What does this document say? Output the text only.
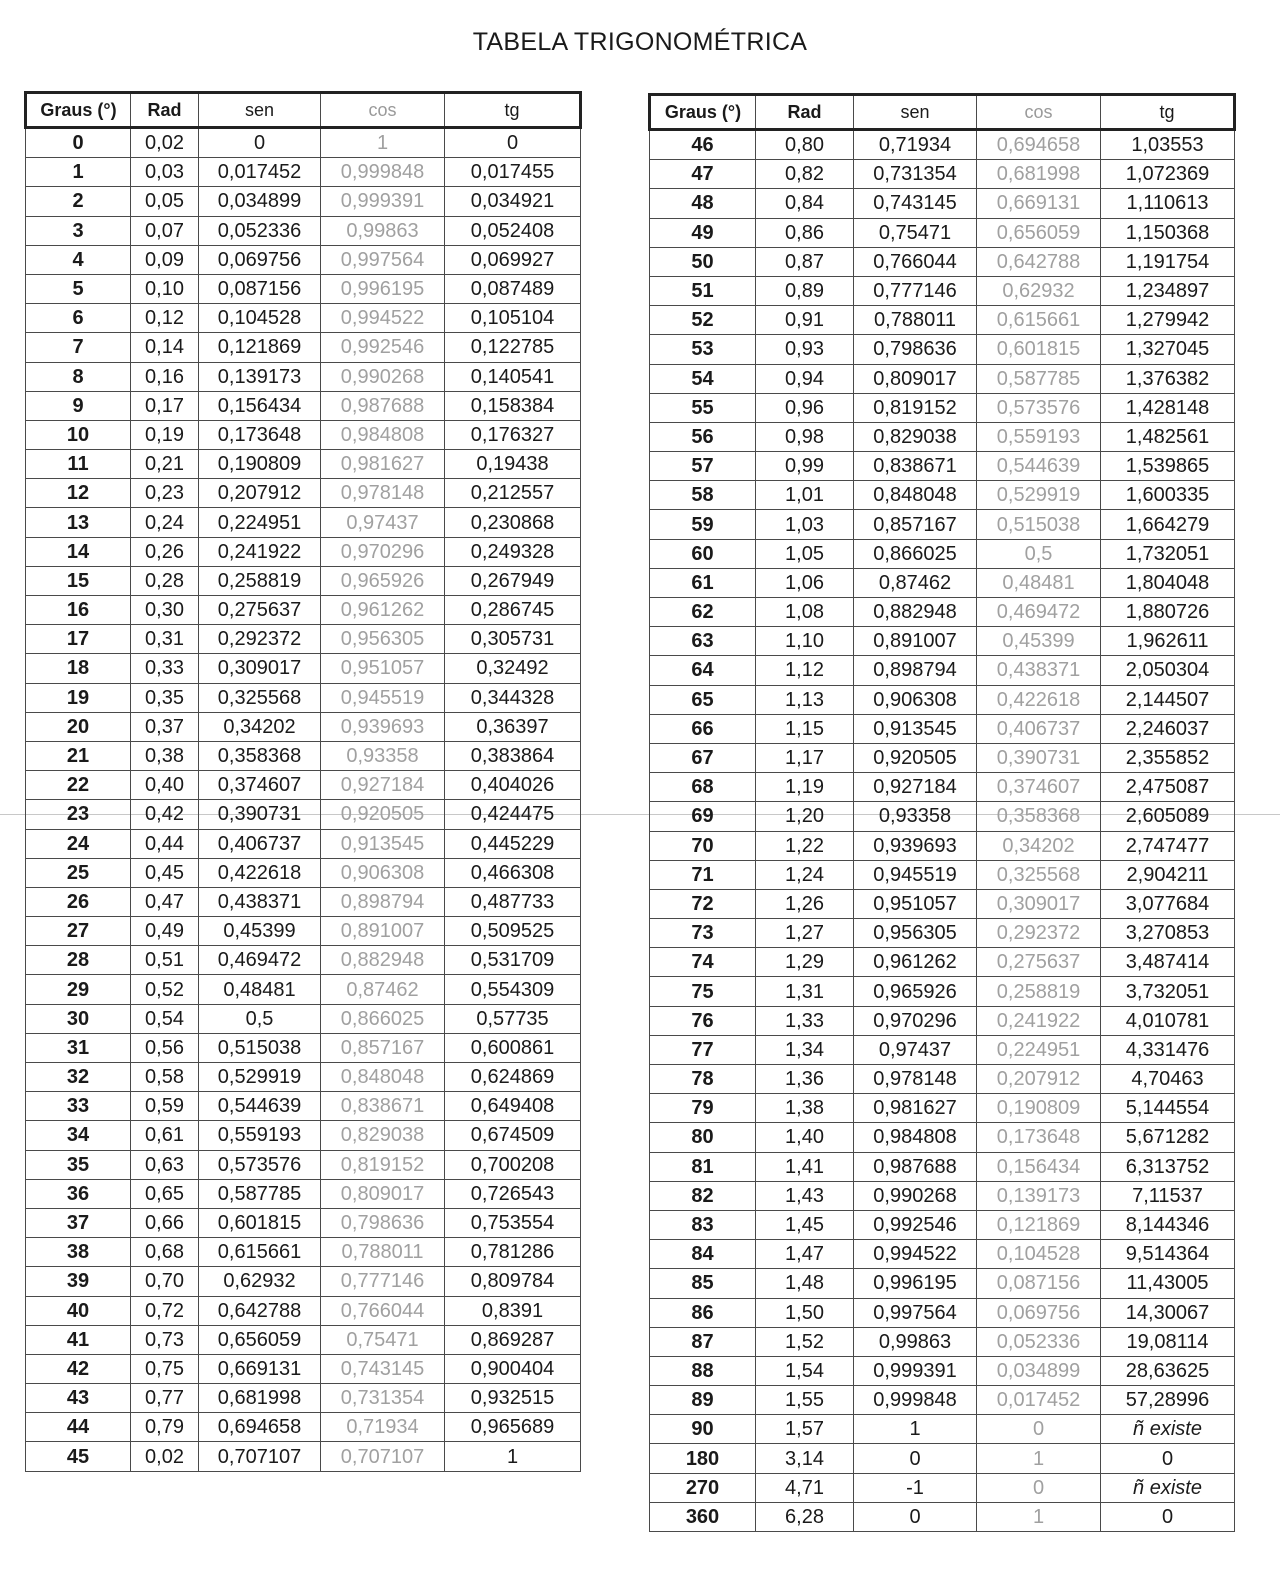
TABELA TRIGONOMÉTRICA
Graus (°)	Rad	sen	cos	tg
0	0,02	0	1	0
1	0,03	0,017452	0,999848	0,017455
2	0,05	0,034899	0,999391	0,034921
3	0,07	0,052336	0,99863	0,052408
4	0,09	0,069756	0,997564	0,069927
5	0,10	0,087156	0,996195	0,087489
6	0,12	0,104528	0,994522	0,105104
7	0,14	0,121869	0,992546	0,122785
8	0,16	0,139173	0,990268	0,140541
9	0,17	0,156434	0,987688	0,158384
10	0,19	0,173648	0,984808	0,176327
11	0,21	0,190809	0,981627	0,19438
12	0,23	0,207912	0,978148	0,212557
13	0,24	0,224951	0,97437	0,230868
14	0,26	0,241922	0,970296	0,249328
15	0,28	0,258819	0,965926	0,267949
16	0,30	0,275637	0,961262	0,286745
17	0,31	0,292372	0,956305	0,305731
18	0,33	0,309017	0,951057	0,32492
19	0,35	0,325568	0,945519	0,344328
20	0,37	0,34202	0,939693	0,36397
21	0,38	0,358368	0,93358	0,383864
22	0,40	0,374607	0,927184	0,404026
23	0,42	0,390731	0,920505	0,424475
24	0,44	0,406737	0,913545	0,445229
25	0,45	0,422618	0,906308	0,466308
26	0,47	0,438371	0,898794	0,487733
27	0,49	0,45399	0,891007	0,509525
28	0,51	0,469472	0,882948	0,531709
29	0,52	0,48481	0,87462	0,554309
30	0,54	0,5	0,866025	0,57735
31	0,56	0,515038	0,857167	0,600861
32	0,58	0,529919	0,848048	0,624869
33	0,59	0,544639	0,838671	0,649408
34	0,61	0,559193	0,829038	0,674509
35	0,63	0,573576	0,819152	0,700208
36	0,65	0,587785	0,809017	0,726543
37	0,66	0,601815	0,798636	0,753554
38	0,68	0,615661	0,788011	0,781286
39	0,70	0,62932	0,777146	0,809784
40	0,72	0,642788	0,766044	0,8391
41	0,73	0,656059	0,75471	0,869287
42	0,75	0,669131	0,743145	0,900404
43	0,77	0,681998	0,731354	0,932515
44	0,79	0,694658	0,71934	0,965689
45	0,02	0,707107	0,707107	1
Graus (°)	Rad	sen	cos	tg
46	0,80	0,71934	0,694658	1,03553
47	0,82	0,731354	0,681998	1,072369
48	0,84	0,743145	0,669131	1,110613
49	0,86	0,75471	0,656059	1,150368
50	0,87	0,766044	0,642788	1,191754
51	0,89	0,777146	0,62932	1,234897
52	0,91	0,788011	0,615661	1,279942
53	0,93	0,798636	0,601815	1,327045
54	0,94	0,809017	0,587785	1,376382
55	0,96	0,819152	0,573576	1,428148
56	0,98	0,829038	0,559193	1,482561
57	0,99	0,838671	0,544639	1,539865
58	1,01	0,848048	0,529919	1,600335
59	1,03	0,857167	0,515038	1,664279
60	1,05	0,866025	0,5	1,732051
61	1,06	0,87462	0,48481	1,804048
62	1,08	0,882948	0,469472	1,880726
63	1,10	0,891007	0,45399	1,962611
64	1,12	0,898794	0,438371	2,050304
65	1,13	0,906308	0,422618	2,144507
66	1,15	0,913545	0,406737	2,246037
67	1,17	0,920505	0,390731	2,355852
68	1,19	0,927184	0,374607	2,475087
69	1,20	0,93358	0,358368	2,605089
70	1,22	0,939693	0,34202	2,747477
71	1,24	0,945519	0,325568	2,904211
72	1,26	0,951057	0,309017	3,077684
73	1,27	0,956305	0,292372	3,270853
74	1,29	0,961262	0,275637	3,487414
75	1,31	0,965926	0,258819	3,732051
76	1,33	0,970296	0,241922	4,010781
77	1,34	0,97437	0,224951	4,331476
78	1,36	0,978148	0,207912	4,70463
79	1,38	0,981627	0,190809	5,144554
80	1,40	0,984808	0,173648	5,671282
81	1,41	0,987688	0,156434	6,313752
82	1,43	0,990268	0,139173	7,11537
83	1,45	0,992546	0,121869	8,144346
84	1,47	0,994522	0,104528	9,514364
85	1,48	0,996195	0,087156	11,43005
86	1,50	0,997564	0,069756	14,30067
87	1,52	0,99863	0,052336	19,08114
88	1,54	0,999391	0,034899	28,63625
89	1,55	0,999848	0,017452	57,28996
90	1,57	1	0	ñ existe
180	3,14	0	1	0
270	4,71	-1	0	ñ existe
360	6,28	0	1	0
